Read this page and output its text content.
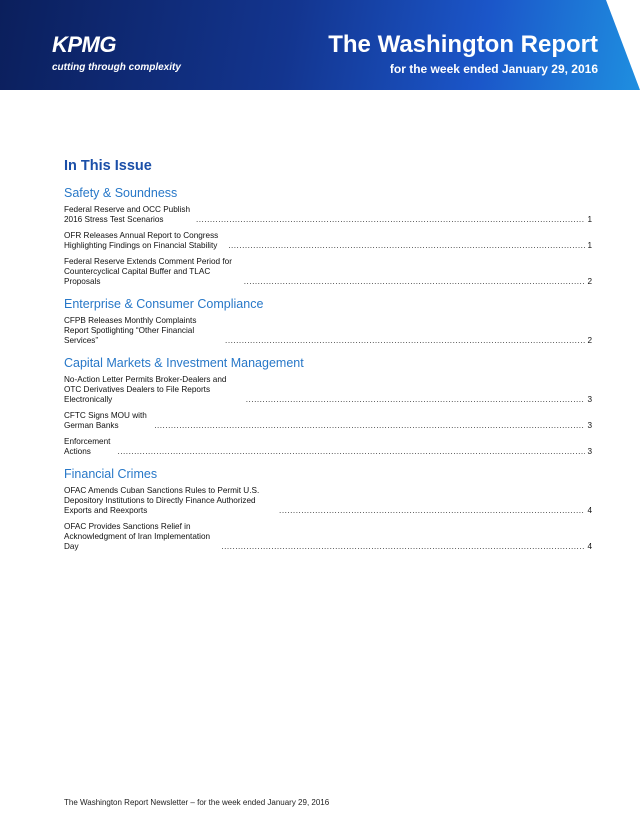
KPMG
cutting through complexity
The Washington Report
for the week ended January 29, 2016
In This Issue
Safety & Soundness
Federal Reserve and OCC Publish 2016 Stress Test Scenarios .....	1
OFR Releases Annual Report to Congress Highlighting Findings on Financial Stability .....	1
Federal Reserve Extends Comment Period for Countercyclical Capital Buffer and TLAC Proposals .....	2
Enterprise & Consumer Compliance
CFPB Releases Monthly Complaints Report Spotlighting “Other Financial Services” .....	2
Capital Markets & Investment Management
No-Action Letter Permits Broker-Dealers and OTC Derivatives Dealers to File Reports Electronically .....	3
CFTC Signs MOU with German Banks .....	3
Enforcement Actions .....	3
Financial Crimes
OFAC Amends Cuban Sanctions Rules to Permit U.S. Depository Institutions to Directly Finance Authorized Exports and Reexports .....	4
OFAC Provides Sanctions Relief in Acknowledgment of Iran Implementation Day .....	4
The Washington Report Newsletter – for the week ended January 29, 2016
